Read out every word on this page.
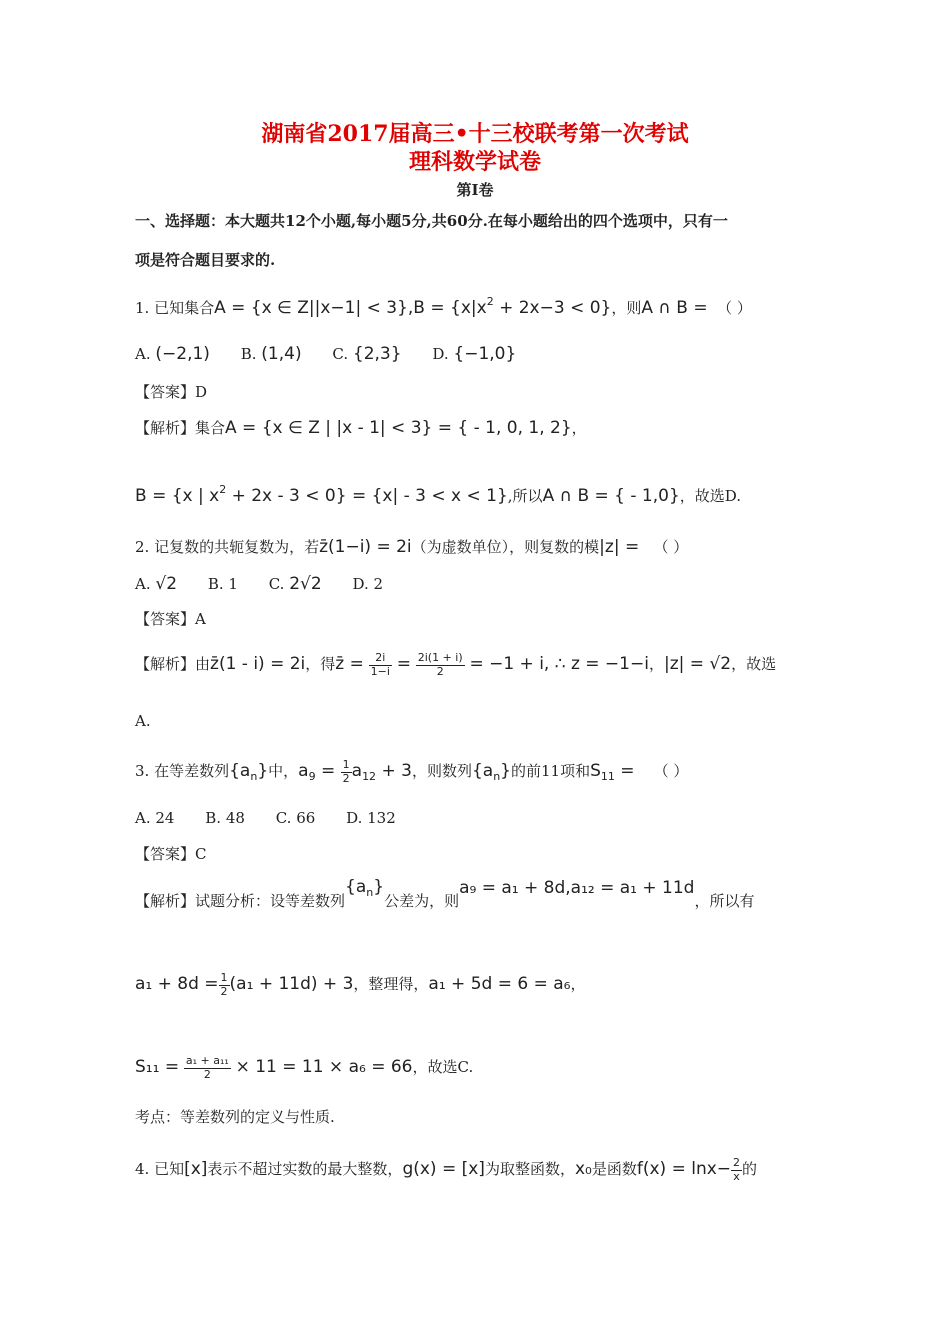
湖南省2017届高三•十三校联考第一次考试
理科数学试卷
第Ⅰ卷
一、选择题：本大题共12个小题,每小题5分,共60分.在每小题给出的四个选项中，只有一
项是符合题目要求的.
1. 已知集合A = {x ∈ $Z||x-1| < 3\},B = \{x|x^2 + 2x-3 < 0\}$，则A ∩ B = （ ）
A. (−2,1) B. (1,4) C. {2,3} D. {−1,0}
【答案】D
【解析】集合A = {x ∈ Z | |x - 1| < 3} = { - 1, 0, 1, 2}，
B = {x | $x^2 + 2x - 3 < 0\} = \{x| - 3 < x < 1\}$,所以A ∩ B = { - 1,0}，故选D.
2. 记复数的共轭复数为，若z̄(1−i) = 2i（为虚数单位），则复数的模|z| = （ ）
A. √2 B. 1 C. 2√2 D. 2
【答案】A
【解析】由z̄(1 - i) = 2i，得z̄ = $\frac{2i}{1-i} = \frac{2i(1 + i)}{2} = -1 + i$, ∴ z = −1−i，|z| = √2，故选
A.
3. 在等差数列$\{a_n\}$中，$a_9 = \frac{1}{2} a_{12} + 3$，则数列$\{a_n\}$的前11项和$S_{11}$ = （ ）
A. 24 B. 48 C. 66 D. 132
【答案】C
【解析】试题分析：设等差数列$\{a_n\}$公差为，则a₉ = a₁ + 8d,a₁₂ = a₁ + 11d，所以有
$a_1 + 8d = \frac{1}{2} (a_1 + 11d) + 3$，整理得，a₁ + 5d = 6 = a₆，
$S_{11} = \frac{\text{a₁ + a₁₁}}{2} \times 11 = 11 \times a_6 = 66$，故选C.
考点：等差数列的定义与性质.
4. 已知[x]表示不超过实数的最大整数，g(x) = [x]为取整函数，x₀是函数$f(x) = \ln x- \frac{2}{x}$ 的
